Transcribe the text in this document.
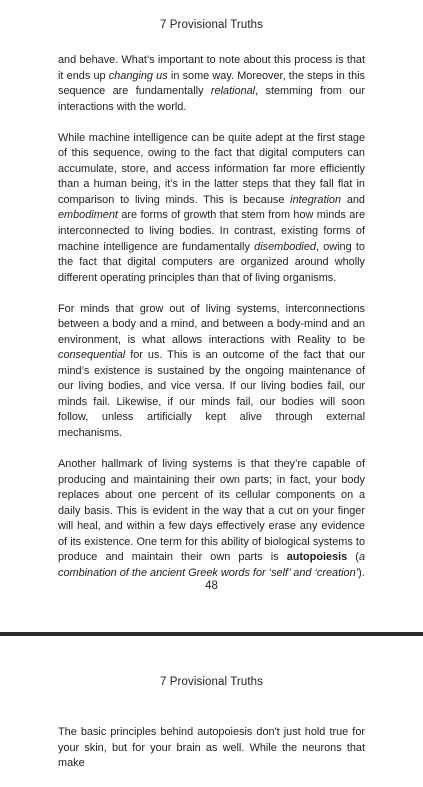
7 Provisional Truths

and behave. What’s important to note about this process is that it ends up changing us in some way. Moreover, the steps in this sequence are fundamentally relational, stemming from our interactions with the world.

While machine intelligence can be quite adept at the first stage of this sequence, owing to the fact that digital computers can accumulate, store, and access information far more efficiently than a human being, it’s in the latter steps that they fall flat in comparison to living minds. This is because integration and embodiment are forms of growth that stem from how minds are interconnected to living bodies. In contrast, existing forms of machine intelligence are fundamentally disembodied, owing to the fact that digital computers are organized around wholly different operating principles than that of living organisms.

For minds that grow out of living systems, interconnections between a body and a mind, and between a body-mind and an environment, is what allows interactions with Reality to be consequential for us. This is an outcome of the fact that our mind’s existence is sustained by the ongoing maintenance of our living bodies, and vice versa. If our living bodies fail, our minds fail. Likewise, if our minds fail, our bodies will soon follow, unless artificially kept alive through external mechanisms.

Another hallmark of living systems is that they’re capable of producing and maintaining their own parts; in fact, your body replaces about one percent of its cellular components on a daily basis. This is evident in the way that a cut on your finger will heal, and within a few days effectively erase any evidence of its existence. One term for this ability of biological systems to produce and maintain their own parts is autopoiesis (a combination of the ancient Greek words for ‘self’ and ‘creation’).

48
7 Provisional Truths

The basic principles behind autopoiesis don't just hold true for your skin, but for your brain as well. While the neurons that make
